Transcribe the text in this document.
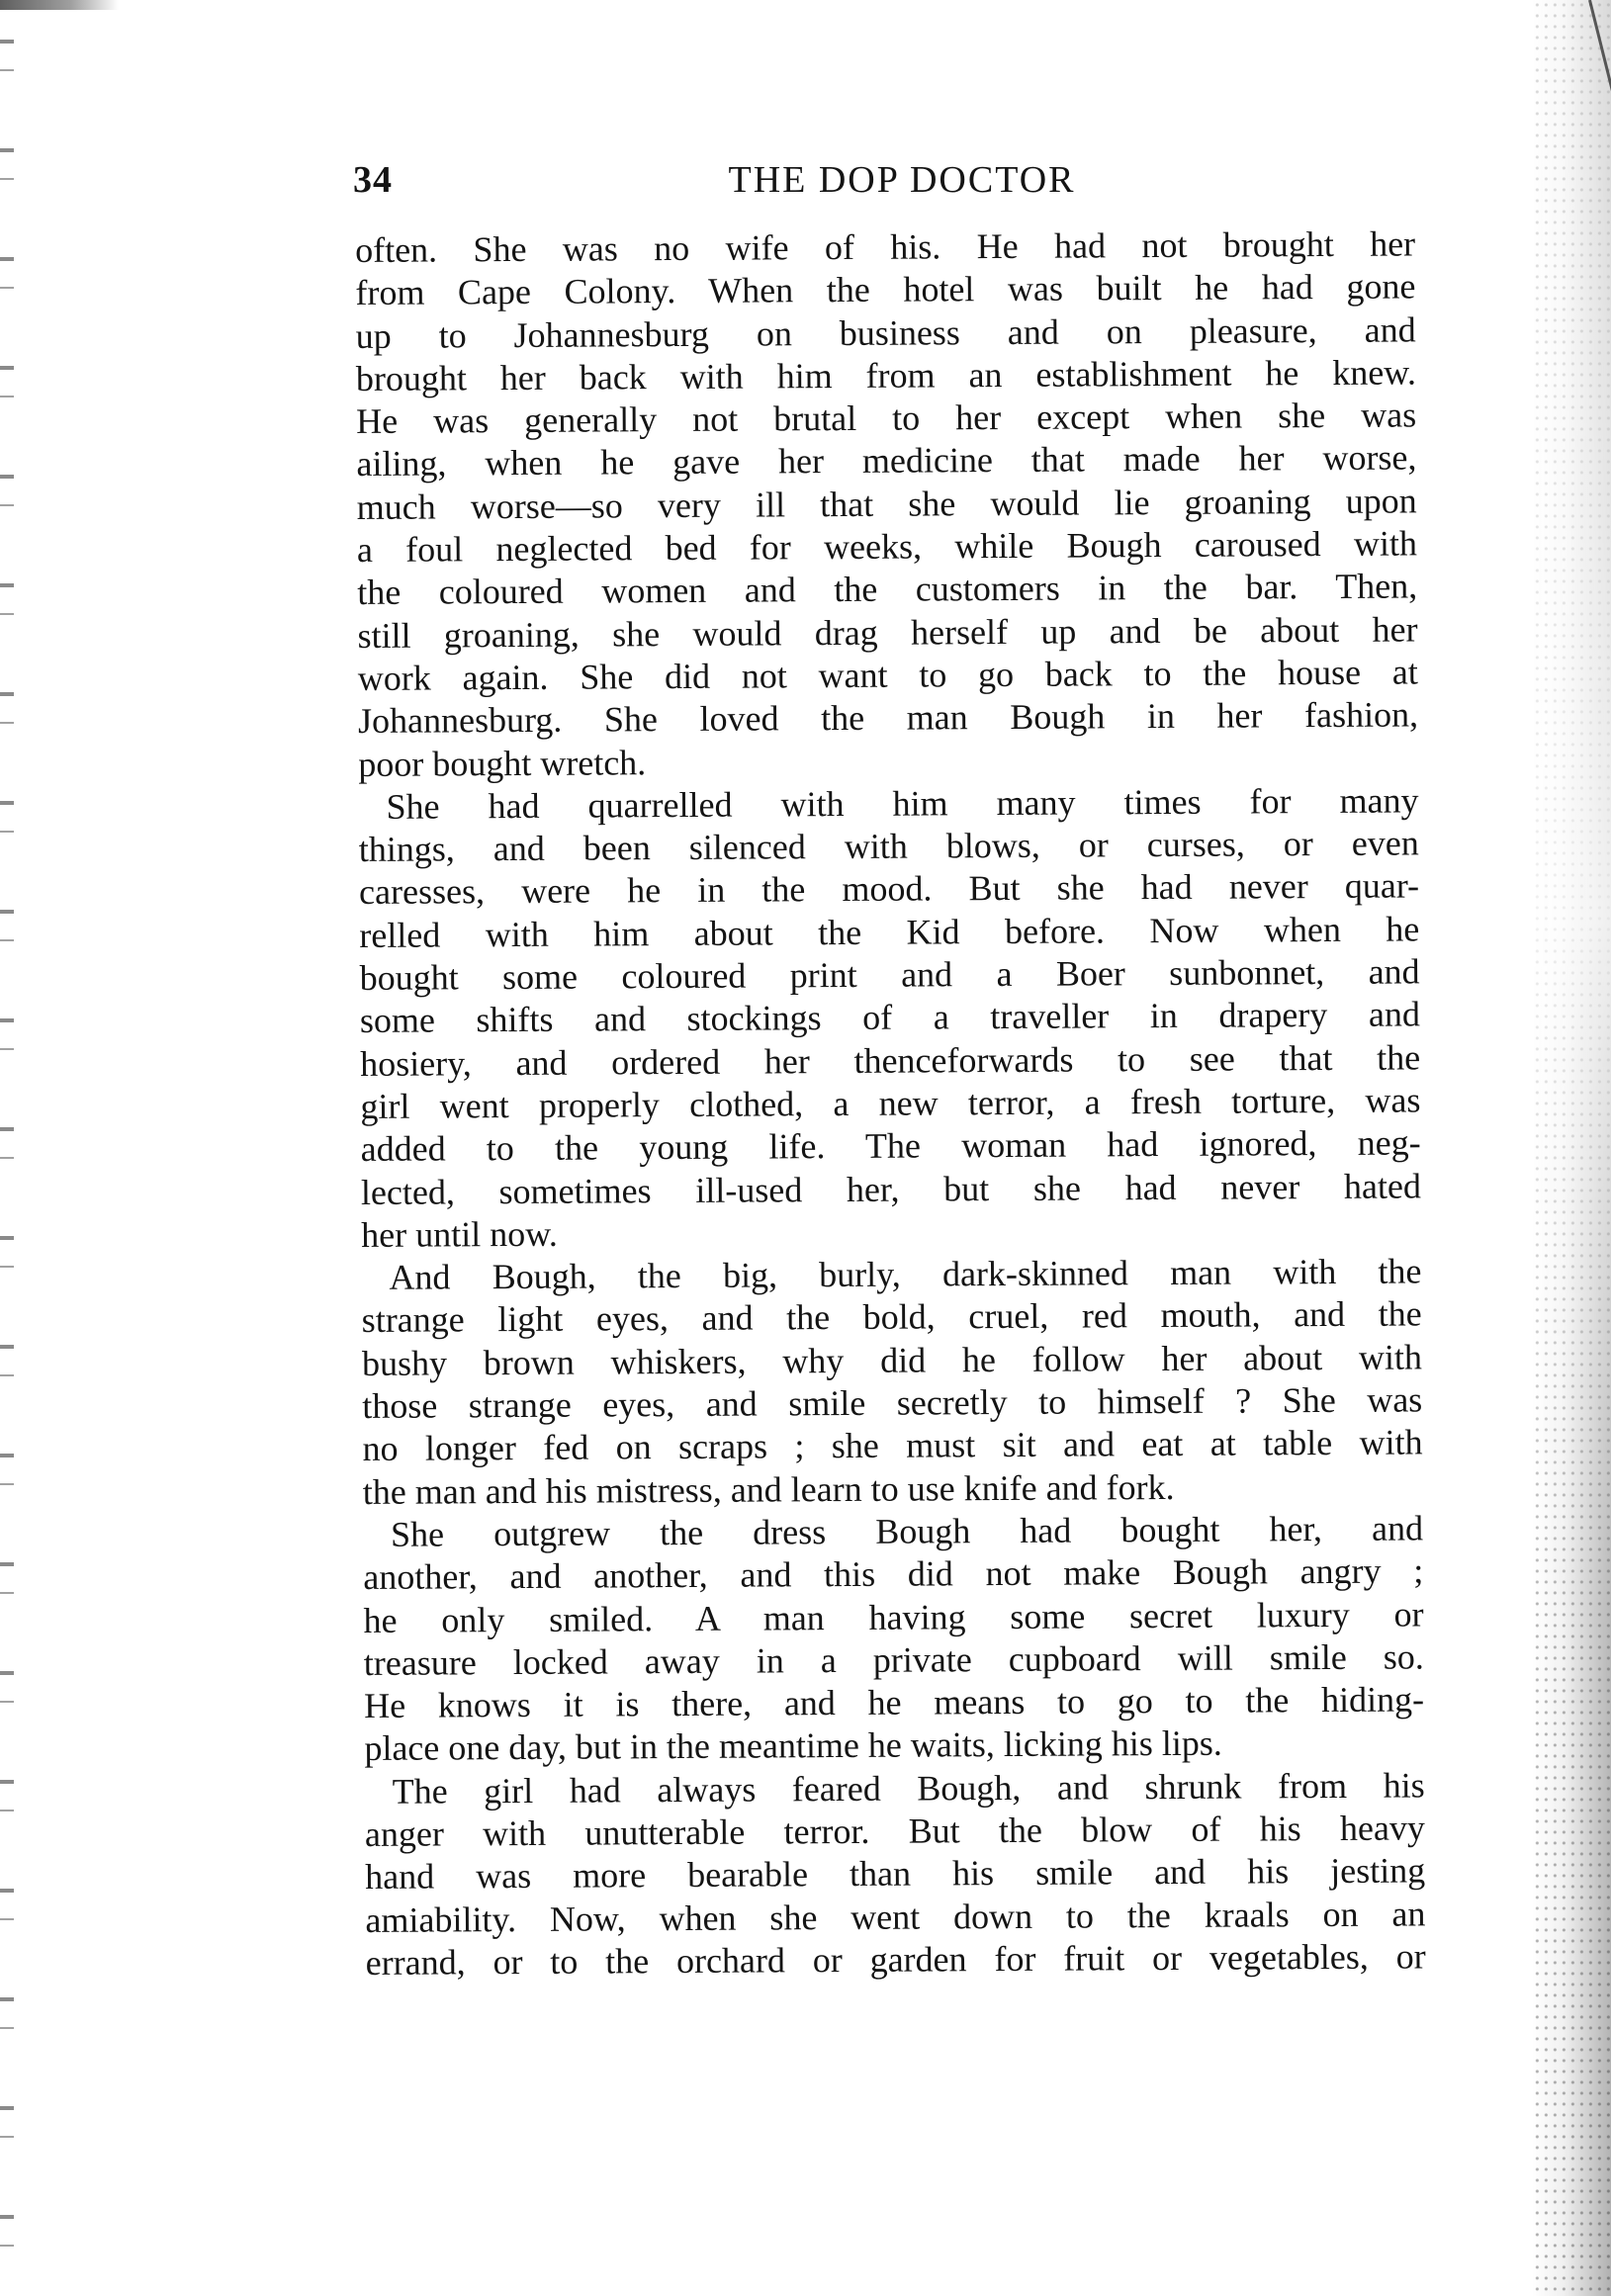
34	THE DOP DOCTOR
often. She was no wife of his. He had not brought her
from Cape Colony. When the hotel was built he had gone
up to Johannesburg on business and on pleasure, and
brought her back with him from an establishment he knew.
He was generally not brutal to her except when she was
ailing, when he gave her medicine that made her worse,
much worse—so very ill that she would lie groaning upon
a foul neglected bed for weeks, while Bough caroused with
the coloured women and the customers in the bar. Then,
still groaning, she would drag herself up and be about her
work again. She did not want to go back to the house at
Johannesburg. She loved the man Bough in her fashion,
poor bought wretch.
She had quarrelled with him many times for many
things, and been silenced with blows, or curses, or even
caresses, were he in the mood. But she had never quar-
relled with him about the Kid before. Now when he
bought some coloured print and a Boer sunbonnet, and
some shifts and stockings of a traveller in drapery and
hosiery, and ordered her thenceforwards to see that the
girl went properly clothed, a new terror, a fresh torture, was
added to the young life. The woman had ignored, neg-
lected, sometimes ill-used her, but she had never hated
her until now.
And Bough, the big, burly, dark-skinned man with the
strange light eyes, and the bold, cruel, red mouth, and the
bushy brown whiskers, why did he follow her about with
those strange eyes, and smile secretly to himself ? She was
no longer fed on scraps ; she must sit and eat at table with
the man and his mistress, and learn to use knife and fork.
She outgrew the dress Bough had bought her, and
another, and another, and this did not make Bough angry ;
he only smiled. A man having some secret luxury or
treasure locked away in a private cupboard will smile so.
He knows it is there, and he means to go to the hiding-
place one day, but in the meantime he waits, licking his lips.
The girl had always feared Bough, and shrunk from his
anger with unutterable terror. But the blow of his heavy
hand was more bearable than his smile and his jesting
amiability. Now, when she went down to the kraals on an
errand, or to the orchard or garden for fruit or vegetables, or
